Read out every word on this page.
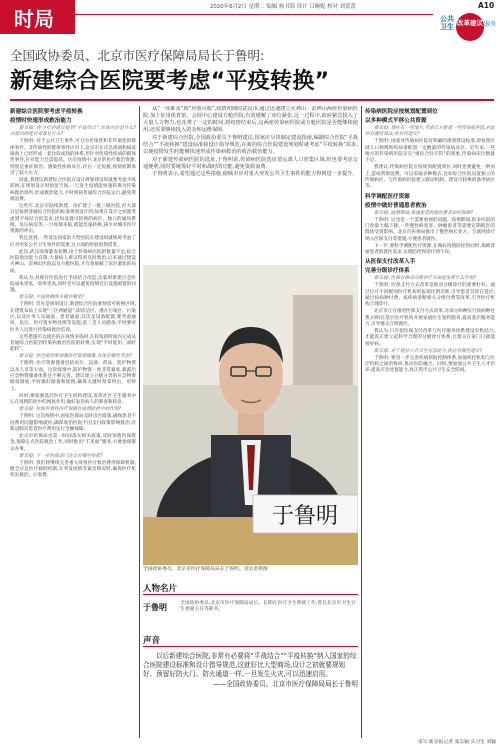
时局	2020年6月2日 星期二 编辑 杨书海 设计 吕婉妮 校对 刘蕾蕾	A10
公共卫生 改革建议 服务
全国政协委员、北京市医疗保障局局长于鲁明:
新建综合医院要考虑“平疫转换”
新建综合医院要考虑平疫转换
疫情时快速形成救治能力

新京报: 你今年的建议提到“平疫结合”,具体内容是什么? 对提出的建议背景是什么?

于鲁明: 对于公共卫生事件,可分为传染性和非传染性的群体事件。非传染性的群体事件应对上,北京市在应急准备和病床储备上已经形成一套比较成熟的体系,但针对传染性疾病的群体性事件,应对能力还需提高。这次疫情中,北京的医疗救治资源,特别是重症救治、感染性疾病床位,存在一定短板,疫情初期承受了较大压力。

因此,我建议新建综合医院在设计规划建设时就要考虑平疫转换,在规划设计时预留空间,一旦发生疫情能快速转换为传染病救治场所,形成救治能力,平时则按普通综合医院运行,避免资源浪费。

这些年,北京市陆续新建、改扩建了一批三级医院,但大部分是按照普通综合医院的标准规划设计的,如果在设计之初就考虑到平疫结合的需求,比如设置可转换的病区、独立的通风系统、负压病房等,一旦疫情来临,就能迅速转换,减少对城市医疗资源的冲击。

我注意到,一些发达国家的大型医院在建设时就统筹考虑了应对突发公共卫生事件的需要,这方面的经验值得借鉴。

此次,武汉疫情暴发初期,由于传染病医院的数量不足,综合医院收治能力有限,大量病人难以得到及时救治,后来通过建设火神山、雷神山医院以及方舱医院,才有效缓解了床位紧张的局面。

我认为,对现有医院进行平疫结合改造,比临时新建应急医院成本更低、效率更高,同时也可以避免疫情过后设施闲置的问题。

新京报: 平疫转换的关键在哪里?

于鲁明: 首先是规划设计,新建综合医院要预留可转换区域,在建筑布局上实现“三区两通道”,即清洁区、潜在污染区、污染区,以及医务人员通道、患者通道;其次是设备配置,要考虑通风、负压、医疗废弃物处理等设施;第三是人员储备,平时要对医务人员进行传染病救治培训。

这些措施可以使医院在疫情来临时,在较短的时间内完成从普通综合医院到传染病救治医院的转换,实现“平时能用、战时能转”。

新京报: 你也提到要加强医疗资源储备,具体有哪些考虑?

于鲁明: 医疗资源储备包括床位、设备、药品、防护物资以及人员等方面。这次疫情中,防护物资一度非常紧张,暴露出应急物资储备体系还不够完善。建议建立分级分类的应急物资储备制度,平时做好储备和轮换,确保关键时刻拿得出、用得上。

同时,要加强基层医疗卫生机构建设,发挥社区卫生服务中心在疫情防控中的网底作用,做好发热病人的筛查和转诊。

新京报: 你如何看待医疗保障在疫情防控中的作用?

于鲁明: 这次疫情中,国家医保局及时出台政策,确保患者不因费用问题影响就医,确保收治医院不因支付政策影响救治,对新冠肺炎患者医疗费用实行全额保障。

北京市医保局也第一时间落实相关政策,及时预拨医保资金,保障定点医院救治工作,同时推出“不见面”服务,方便参保群众办事。

新京报: 下一步医保部门还会有哪些举措?

于鲁明: 我们将继续完善重大疫情医疗救治费用保障机制,健全应急医疗救助机制,在突发疫情等紧急情况时,确保医疗机构先救治、后收费。

从“一床难求”到“应收尽收”,疫情初期的武汉市,通过迅速建立火神山、雷神山两座传染病医院,加上征用体育馆、会展中心建设方舱医院,有效缓解了床位紧张,这一过程中,政府紧急投入了大量人力物力,也花费了一定的时间,将疫情结束后,这两座传染病医院或方舱医院是否能继续使用,还需要继续投入资金和运维保障。

对于新建综合医院,全国政协委员于鲁明建议,国家应尽快制定建设指南,编制综合医院“平战结合”“平疫转换”建设标准和设计指导规范,在新的综合医院建设规划时就考虑“平疫转换”需求,以便疫情发生时能够快速形成传染病救治的收治救治能力。

对于新建传染病医院的选址,于鲁明说,传染病医院选址要远离人口密集区域,但也要考虑交通便利,同时要统筹好平时和战时的功能,避免资源浪费。

于鲁明表示,希望通过这些措施,使城市应对重大突发公共卫生事件的能力得到进一步提升。

于鲁明
全国政协委员、北京市医疗保障局局长于鲁明。受访者供图
人物名片
于鲁明	全国政协委员,北京市医疗保障局局长。长期在医疗卫生系统工作,曾任北京市卫生计生委副主任等职务。
声音

以后新建综合医院,非常有必要将“平战结合”“平疫转换”纳入国家的综合医院建设标准和设计指导规范,这就好比大型商场,设计之初就要规划好、预留好防火门、防火通道一样,一旦发生火灾,可以迅速启用。

——全国政协委员、北京市医疗保障局局长于鲁明
传染病医院应按规划配置到位
以多种模式平移公共资源

新京报: 现在有一些地方,考虑后方新建一些传染病医院,对此你有哪些看法,你有何建议?

于鲁明: 国家对传染病医院有明确的规划建设标准,即按照区域人口规模和疾病谱配置一定数量的传染病床位。近年来,一些地方的传染病医院存在“重综合轻专科”的现象,传染病床位数量不足。

我建议,传染病医院应按规划配置到位,同时也要避免一哄而上,造成资源浪费。可以采取多种模式,比如综合医院设置独立的传染病区、与传染病医院建立联动机制、建设可转换的备用病区等。

科学调配医疗资源
疫情中做好普通患者救治

新京报: 疫情期间,普通患者的就医需求如何保障?

于鲁明: 这也是一个需要重视的问题。疫情期间,很多医院的门诊量大幅下降,一些慢性病患者、肿瘤患者等需要定期就医的群体受到影响。北京市医保局推出了慢性病长处方、互联网诊疗纳入医保支付等措施,方便患者就医。

下一步,要科学调配医疗资源,在做好疫情防控的同时,保障普通患者的就医需求,实现防控和诊疗两不误。

从医保支付改革入手
完善分级诊疗体系

新京报: 医保在推动分级诊疗方面能发挥什么作用?

于鲁明: 医保支付方式改革是推动分级诊疗的重要杠杆。通过拉开不同级别医疗机构的报销比例差距,引导患者首诊在基层;通过按病种付费、按疾病诊断相关分组付费等改革,引导医疗机构合理诊疗。

北京市正在推进医保支付方式改革,对部分病种实行按病种付费,同时在基层医疗机构开展家庭医生签约服务,提高基层服务能力,引导群众合理就医。

我认为,只有把医保支付改革与医疗服务体系建设有机结合,才能真正建立起科学合理的分级诊疗体系,让群众在家门口就能看好病。

新京报: 对于提升公共卫生应急能力,你还有哪些建议?

于鲁明: 要进一步完善疾病预防控制体系,加强疾控机构与医疗机构之间的协同,推动医防融合。同时,要加强公共卫生人才培养,提高应急处置能力,真正筑牢公共卫生安全防线。

采写:新京报记者 张志颖 实习生 刘颖
